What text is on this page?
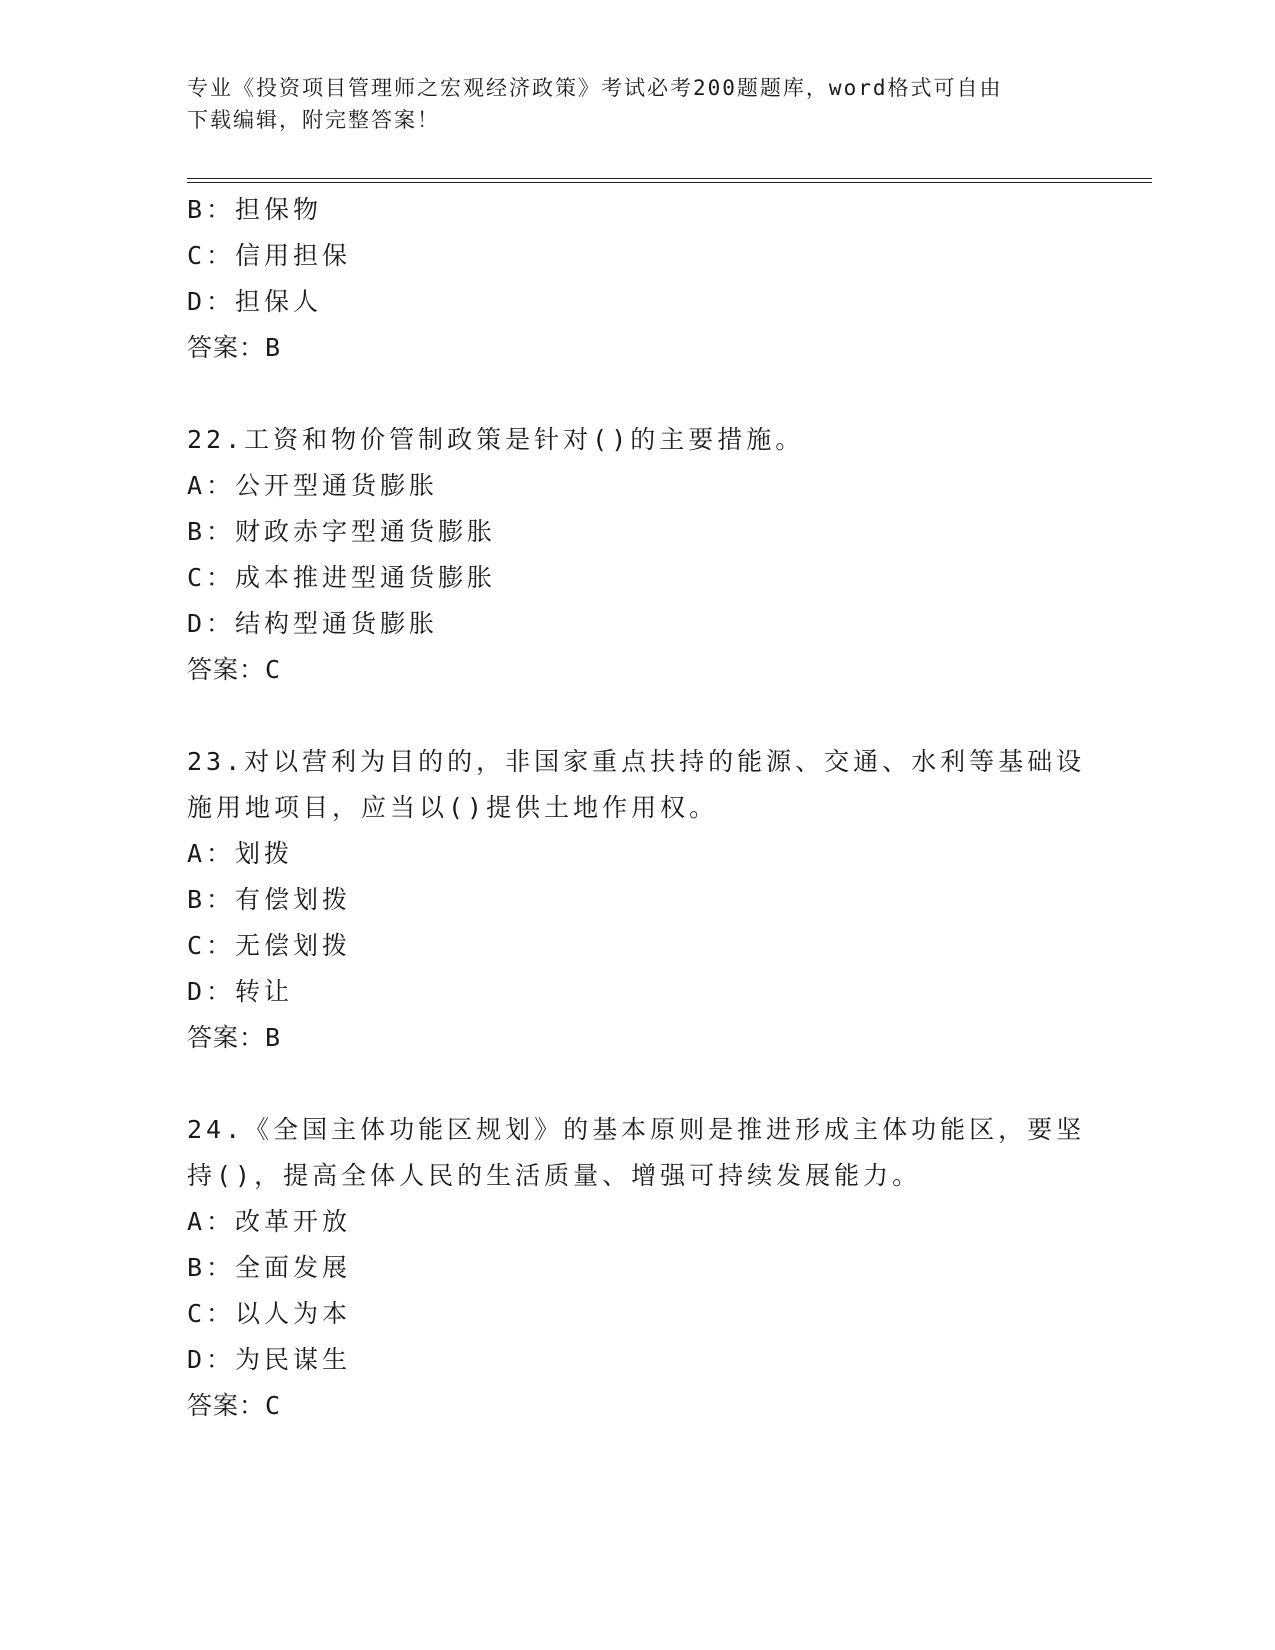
专业《投资项目管理师之宏观经济政策》考试必考200题题库，word格式可自由
下载编辑，附完整答案！
B：担保物
C：信用担保
D：担保人
答案：B
22.工资和物价管制政策是针对()的主要措施。
A：公开型通货膨胀
B：财政赤字型通货膨胀
C：成本推进型通货膨胀
D：结构型通货膨胀
答案：C
23.对以营利为目的的，非国家重点扶持的能源、交通、水利等基础设
施用地项目，应当以()提供土地作用权。
A：划拨
B：有偿划拨
C：无偿划拨
D：转让
答案：B
24.《全国主体功能区规划》的基本原则是推进形成主体功能区，要坚
持()，提高全体人民的生活质量、增强可持续发展能力。
A：改革开放
B：全面发展
C：以人为本
D：为民谋生
答案：C
